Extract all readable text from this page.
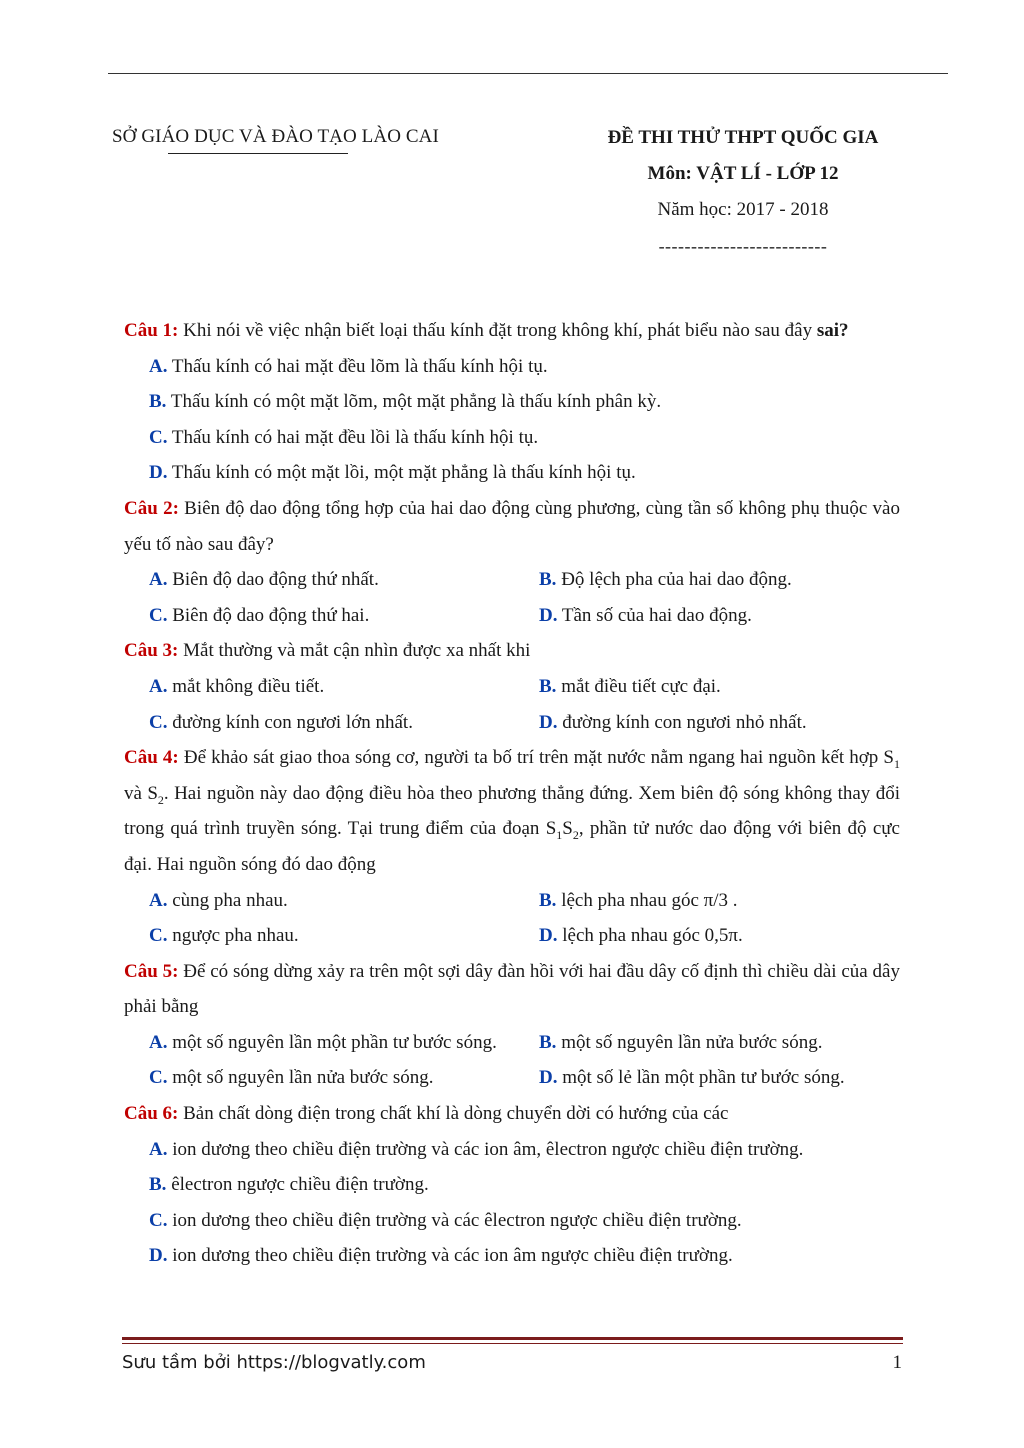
SỞ GIÁO DỤC VÀ ĐÀO TẠO LÀO CAI	ĐỀ THI THỬ THPT QUỐC GIA
Môn: VẬT LÍ - LỚP 12
Năm học: 2017 - 2018
--------------------------
Câu 1: Khi nói về việc nhận biết loại thấu kính đặt trong không khí, phát biểu nào sau đây sai?
A. Thấu kính có hai mặt đều lõm là thấu kính hội tụ.
B. Thấu kính có một mặt lõm, một mặt phẳng là thấu kính phân kỳ.
C. Thấu kính có hai mặt đều lồi là thấu kính hội tụ.
D. Thấu kính có một mặt lồi, một mặt phẳng là thấu kính hội tụ.
Câu 2: Biên độ dao động tổng hợp của hai dao động cùng phương, cùng tần số không phụ thuộc vào yếu tố nào sau đây?
A. Biên độ dao động thứ nhất.	B. Độ lệch pha của hai dao động.
C. Biên độ dao động thứ hai.	D. Tần số của hai dao động.
Câu 3: Mắt thường và mắt cận nhìn được xa nhất khi
A. mắt không điều tiết.	B. mắt điều tiết cực đại.
C. đường kính con ngươi lớn nhất.	D. đường kính con ngươi nhỏ nhất.
Câu 4: Để khảo sát giao thoa sóng cơ, người ta bố trí trên mặt nước nằm ngang hai nguồn kết hợp $S_1$ và $S_2$. Hai nguồn này dao động điều hòa theo phương thẳng đứng. Xem biên độ sóng không thay đổi trong quá trình truyền sóng. Tại trung điểm của đoạn $S_1S_2$, phần tử nước dao động với biên độ cực đại. Hai nguồn sóng đó dao động
A. cùng pha nhau.	B. lệch pha nhau góc π/3 .
C. ngược pha nhau.	D. lệch pha nhau góc 0,5π.
Câu 5: Để có sóng dừng xảy ra trên một sợi dây đàn hồi với hai đầu dây cố định thì chiều dài của dây phải bằng
A. một số nguyên lần một phần tư bước sóng.	B. một số nguyên lần nửa bước sóng.
C. một số nguyên lần nửa bước sóng.	D. một số lẻ lần một phần tư bước sóng.
Câu 6: Bản chất dòng điện trong chất khí là dòng chuyển dời có hướng của các
A. ion dương theo chiều điện trường và các ion âm, êlectron ngược chiều điện trường.
B. êlectron ngược chiều điện trường.
C. ion dương theo chiều điện trường và các êlectron ngược chiều điện trường.
D. ion dương theo chiều điện trường và các ion âm ngược chiều điện trường.
Sưu tầm bởi https://blogvatly.com	1
